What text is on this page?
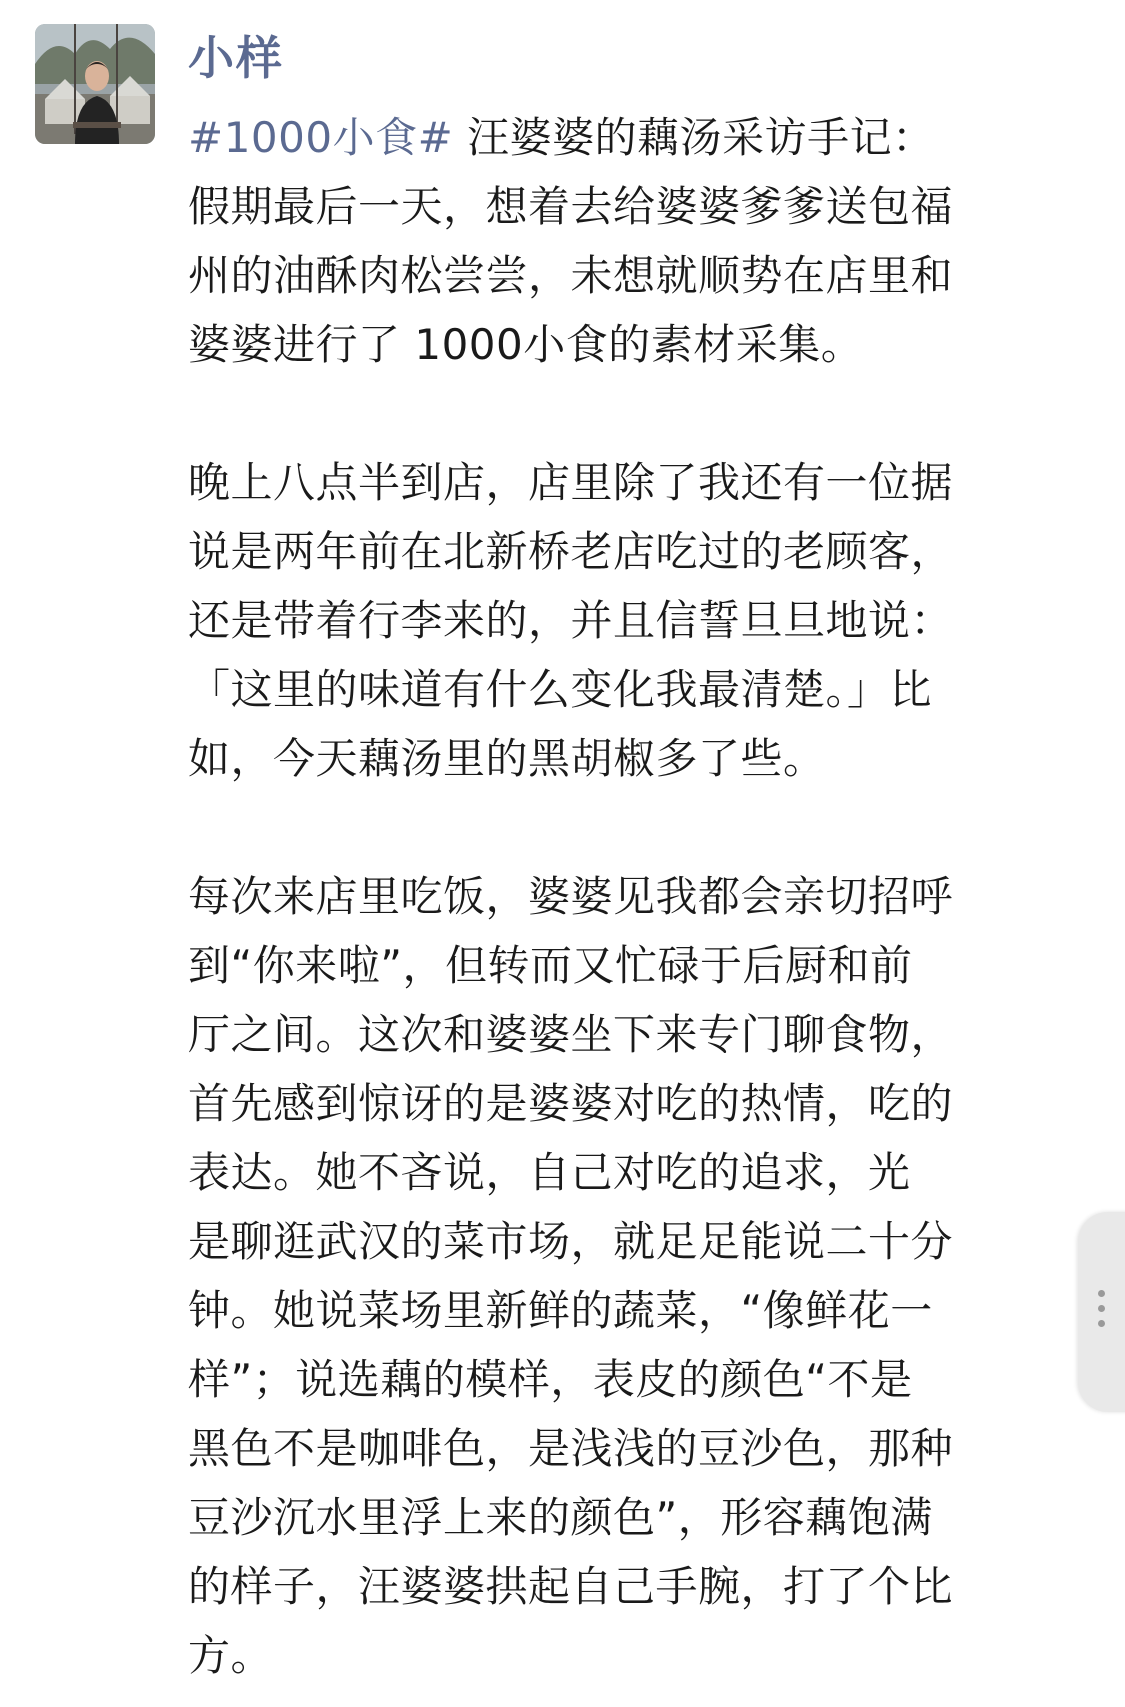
小样
#1000小食# 汪婆婆的藕汤采访手记：
假期最后一天，想着去给婆婆爹爹送包福
州的油酥肉松尝尝，未想就顺势在店里和
婆婆进行了 1000小食的素材采集。
晚上八点半到店，店里除了我还有一位据
说是两年前在北新桥老店吃过的老顾客，
还是带着行李来的，并且信誓旦旦地说：
「这里的味道有什么变化我最清楚。」比
如，今天藕汤里的黑胡椒多了些。
每次来店里吃饭，婆婆见我都会亲切招呼
到“你来啦”，但转而又忙碌于后厨和前
厅之间。这次和婆婆坐下来专门聊食物，
首先感到惊讶的是婆婆对吃的热情，吃的
表达。她不吝说，自己对吃的追求，光
是聊逛武汉的菜市场，就足足能说二十分
钟。她说菜场里新鲜的蔬菜，“像鲜花一
样”；说选藕的模样，表皮的颜色“不是
黑色不是咖啡色，是浅浅的豆沙色，那种
豆沙沉水里浮上来的颜色”，形容藕饱满
的样子，汪婆婆拱起自己手腕，打了个比
方。
